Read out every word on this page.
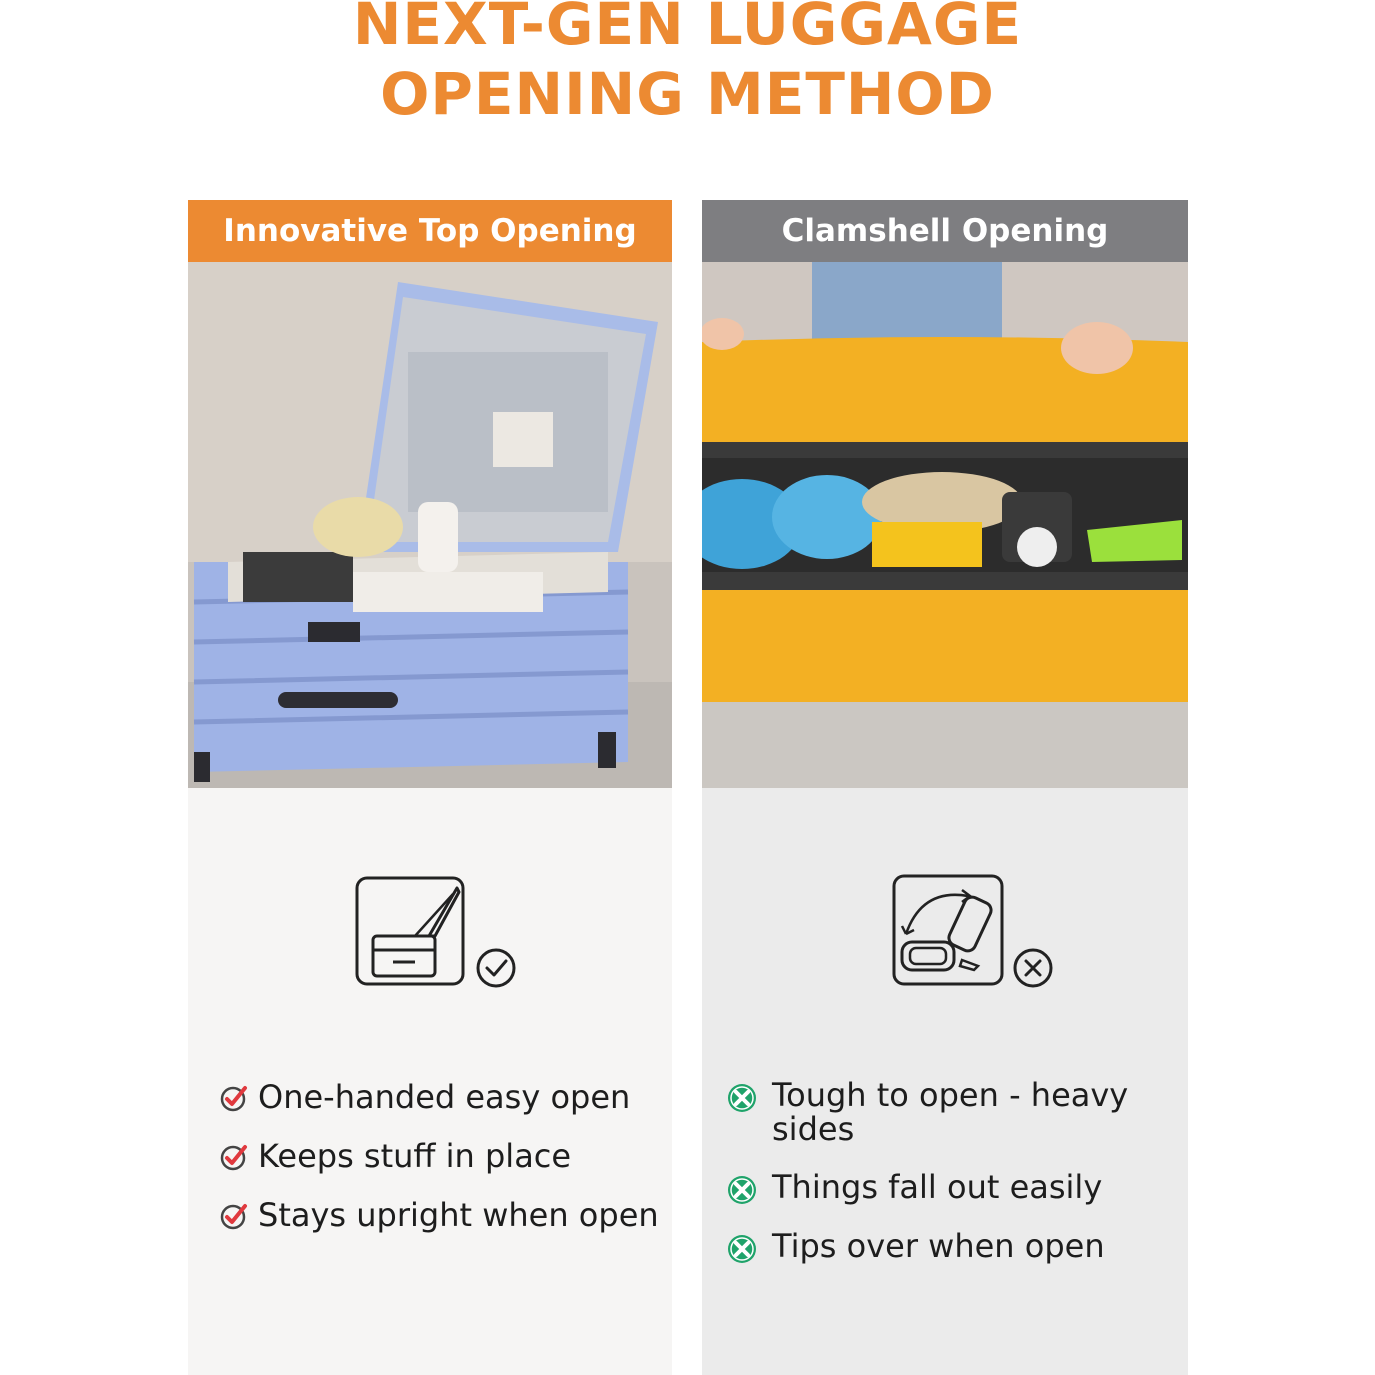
NEXT-GEN LUGGAGE
OPENING METHOD
Innovative Top Opening
One-handed easy open
Keeps stuff in place
Stays upright when open
Clamshell Opening
Tough to open - heavy sides
Things fall out easily
Tips over when open
